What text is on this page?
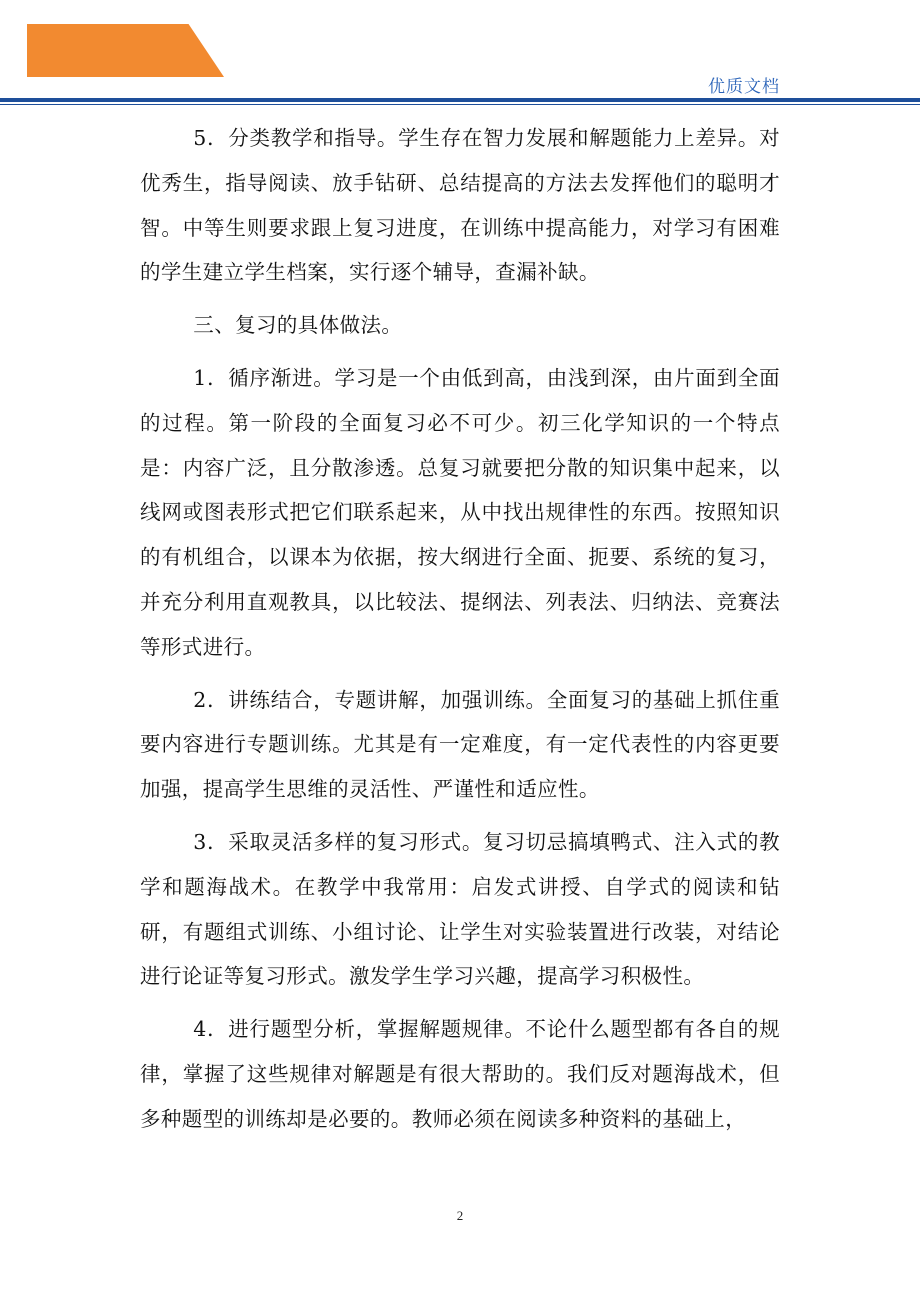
优质文档

5．分类教学和指导。学生存在智力发展和解题能力上差异。对优秀生，指导阅读、放手钻研、总结提高的方法去发挥他们的聪明才智。中等生则要求跟上复习进度，在训练中提高能力，对学习有困难的学生建立学生档案，实行逐个辅导，查漏补缺。

三、复习的具体做法。

1．循序渐进。学习是一个由低到高，由浅到深，由片面到全面的过程。第一阶段的全面复习必不可少。初三化学知识的一个特点是：内容广泛，且分散渗透。总复习就要把分散的知识集中起来，以线网或图表形式把它们联系起来，从中找出规律性的东西。按照知识的有机组合，以课本为依据，按大纲进行全面、扼要、系统的复习，并充分利用直观教具，以比较法、提纲法、列表法、归纳法、竞赛法等形式进行。

2．讲练结合，专题讲解，加强训练。全面复习的基础上抓住重要内容进行专题训练。尤其是有一定难度，有一定代表性的内容更要加强，提高学生思维的灵活性、严谨性和适应性。

3．采取灵活多样的复习形式。复习切忌搞填鸭式、注入式的教学和题海战术。在教学中我常用：启发式讲授、自学式的阅读和钻研，有题组式训练、小组讨论、让学生对实验装置进行改装，对结论进行论证等复习形式。激发学生学习兴趣，提高学习积极性。

4．进行题型分析，掌握解题规律。不论什么题型都有各自的规律，掌握了这些规律对解题是有很大帮助的。我们反对题海战术，但多种题型的训练却是必要的。教师必须在阅读多种资料的基础上，

2
